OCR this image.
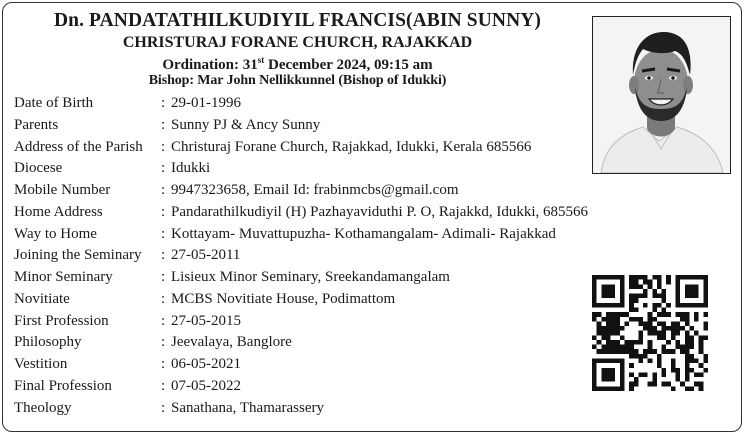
Dn. PANDATATHILKUDIYIL FRANCIS(ABIN SUNNY)
CHRISTURAJ FORANE CHURCH, RAJAKKAD
Ordination: 31st December 2024, 09:15 am
Bishop: Mar John Nellikkunnel (Bishop of Idukki)
Date of Birth	: 29-01-1996
Parents	: Sunny PJ & Ancy Sunny
Address of the Parish : Christuraj Forane Church, Rajakkad, Idukki, Kerala 685566
Diocese	: Idukki
Mobile Number	: 9947323658, Email Id: frabinmcbs@gmail.com
Home Address	: Pandarathilkudiyil (H) Pazhayaviduthi P. O, Rajakkd, Idukki, 685566
Way to Home	: Kottayam- Muvattupuzha- Kothamangalam- Adimali- Rajakkad
Joining the Seminary : 27-05-2011
Minor Seminary	: Lisieux Minor Seminary, Sreekandamangalam
Novitiate	: MCBS Novitiate House, Podimattom
First Profession	: 27-05-2015
Philosophy	: Jeevalaya, Banglore
Vestition	: 06-05-2021
Final Profession	: 07-05-2022
Theology	: Sanathana, Thamarassery
